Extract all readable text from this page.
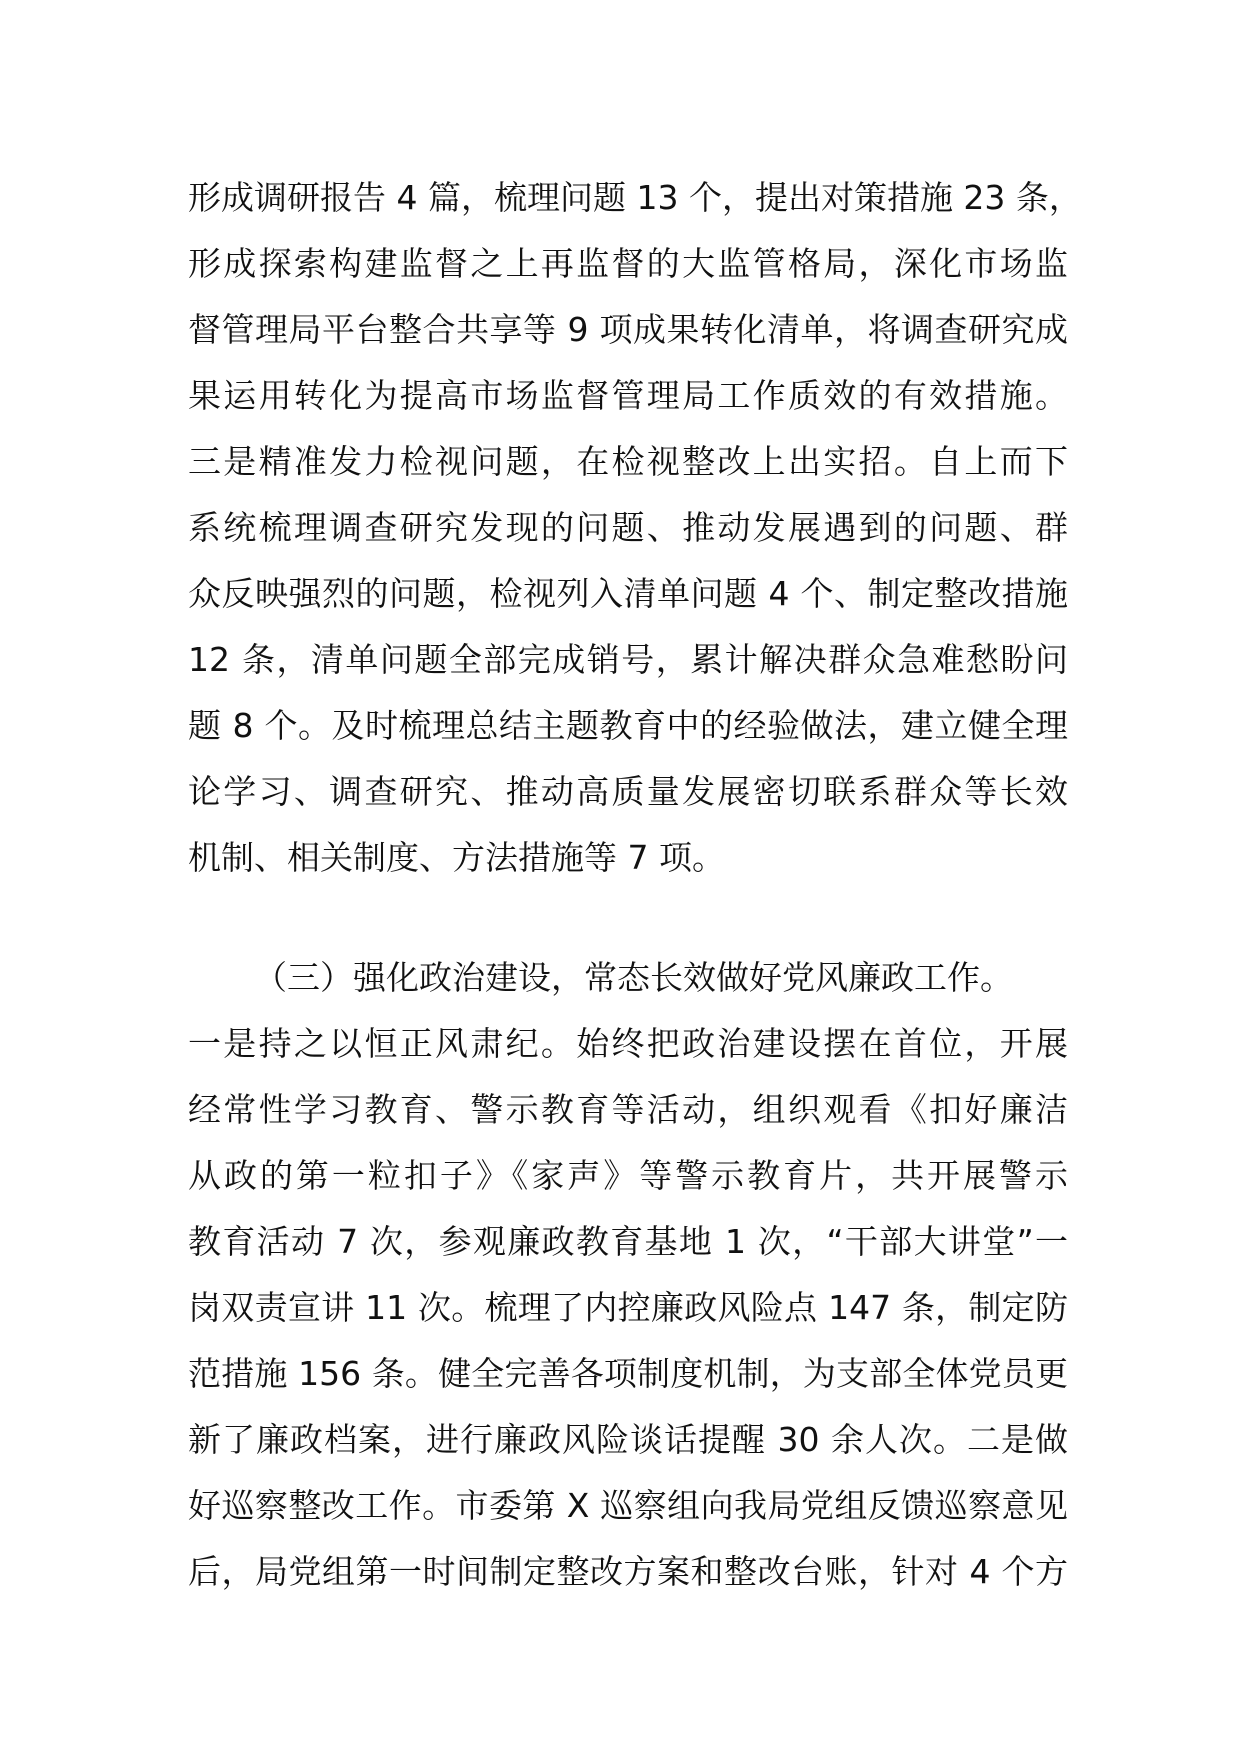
形成调研报告 4 篇，梳理问题 13 个，提出对策措施 23 条，
形成探索构建监督之上再监督的大监管格局，深化市场监
督管理局平台整合共享等 9 项成果转化清单，将调查研究成
果运用转化为提高市场监督管理局工作质效的有效措施。
三是精准发力检视问题，在检视整改上出实招。自上而下
系统梳理调查研究发现的问题、推动发展遇到的问题、群
众反映强烈的问题，检视列入清单问题 4 个、制定整改措施
12 条，清单问题全部完成销号，累计解决群众急难愁盼问
题 8 个。及时梳理总结主题教育中的经验做法，建立健全理
论学习、调查研究、推动高质量发展密切联系群众等长效
机制、相关制度、方法措施等 7 项。
（三）强化政治建设，常态长效做好党风廉政工作。
一是持之以恒正风肃纪。始终把政治建设摆在首位，开展
经常性学习教育、警示教育等活动，组织观看《扣好廉洁
从政的第一粒扣子》《家声》等警示教育片，共开展警示
教育活动 7 次，参观廉政教育基地 1 次，“干部大讲堂”一
岗双责宣讲 11 次。梳理了内控廉政风险点 147 条，制定防
范措施 156 条。健全完善各项制度机制，为支部全体党员更
新了廉政档案，进行廉政风险谈话提醒 30 余人次。二是做
好巡察整改工作。市委第 X 巡察组向我局党组反馈巡察意见
后，局党组第一时间制定整改方案和整改台账，针对 4 个方
